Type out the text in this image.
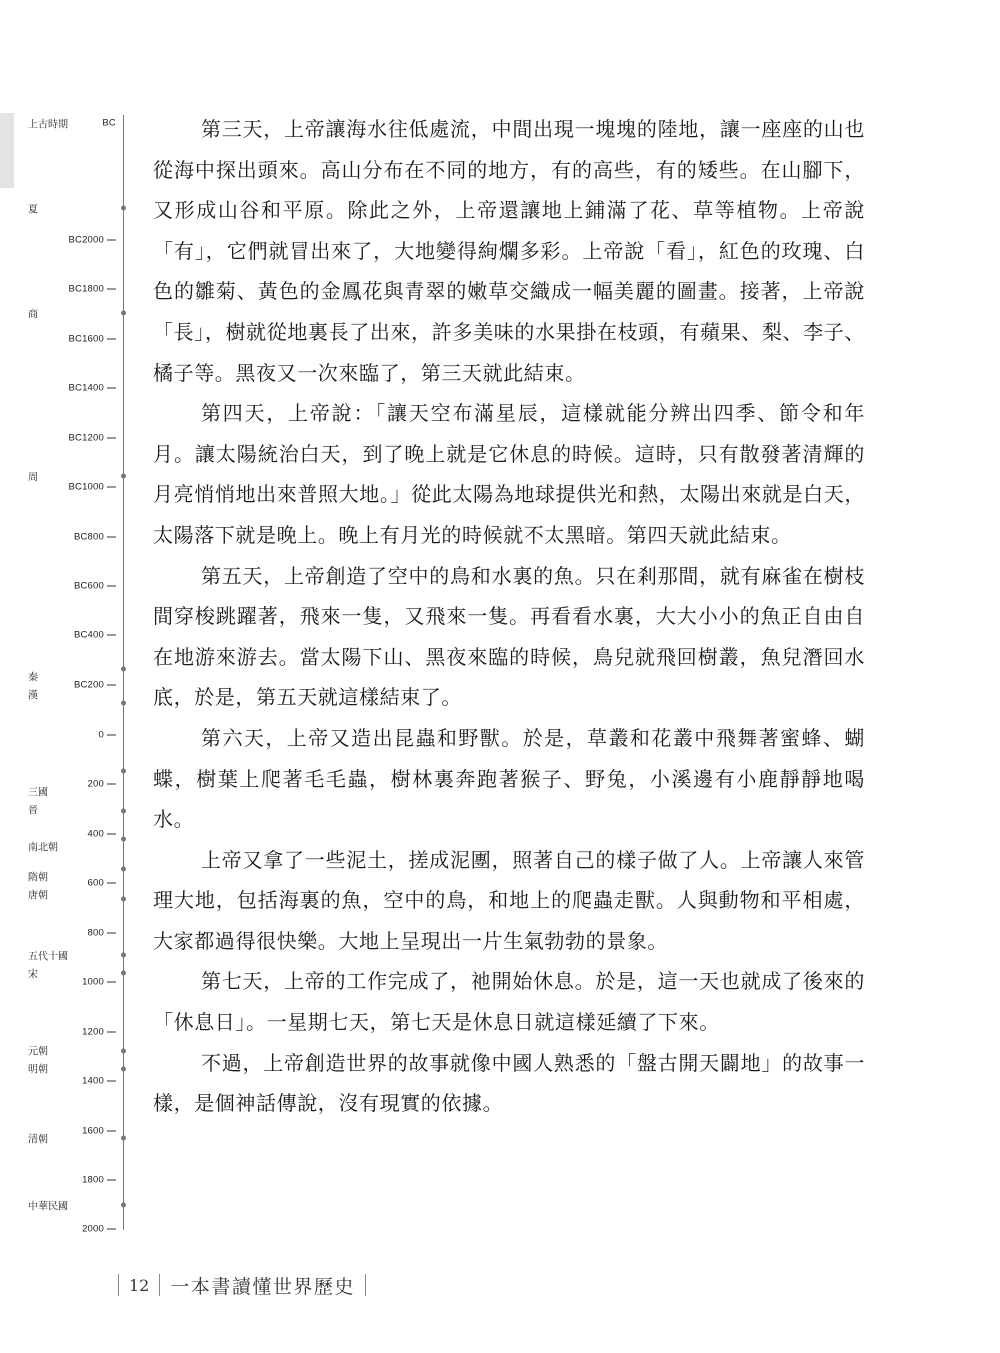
BC
BC2000
BC1800
BC1600
BC1400
BC1200
BC1000
BC800
BC600
BC400
BC200
0
200
400
600
800
1000
1200
1400
1600
1800
2000
上古時期
夏
商
周
秦
漢
三國
晉
南北朝
隋朝
唐朝
五代十國
宋
元朝
明朝
清朝
中華民國

第三天，上帝讓海水往低處流，中間出現一塊塊的陸地，讓一座座的山也從海中探出頭來。高山分布在不同的地方，有的高些，有的矮些。在山腳下，又形成山谷和平原。除此之外，上帝還讓地上鋪滿了花、草等植物。上帝說「有」，它們就冒出來了，大地變得絢爛多彩。上帝說「看」，紅色的玫瑰、白色的雛菊、黃色的金鳳花與青翠的嫩草交織成一幅美麗的圖畫。接著，上帝說「長」，樹就從地裏長了出來，許多美味的水果掛在枝頭，有蘋果、梨、李子、橘子等。黑夜又一次來臨了，第三天就此結束。

第四天，上帝說：「讓天空布滿星辰，這樣就能分辨出四季、節令和年月。讓太陽統治白天，到了晚上就是它休息的時候。這時，只有散發著清輝的月亮悄悄地出來普照大地。」從此太陽為地球提供光和熱，太陽出來就是白天，太陽落下就是晚上。晚上有月光的時候就不太黑暗。第四天就此結束。

第五天，上帝創造了空中的鳥和水裏的魚。只在剎那間，就有麻雀在樹枝間穿梭跳躍著，飛來一隻，又飛來一隻。再看看水裏，大大小小的魚正自由自在地游來游去。當太陽下山、黑夜來臨的時候，鳥兒就飛回樹叢，魚兒潛回水底，於是，第五天就這樣結束了。

第六天，上帝又造出昆蟲和野獸。於是，草叢和花叢中飛舞著蜜蜂、蝴蝶，樹葉上爬著毛毛蟲，樹林裏奔跑著猴子、野兔，小溪邊有小鹿靜靜地喝水。

上帝又拿了一些泥土，搓成泥團，照著自己的樣子做了人。上帝讓人來管理大地，包括海裏的魚，空中的鳥，和地上的爬蟲走獸。人與動物和平相處，大家都過得很快樂。大地上呈現出一片生氣勃勃的景象。

第七天，上帝的工作完成了，祂開始休息。於是，這一天也就成了後來的「休息日」。一星期七天，第七天是休息日就這樣延續了下來。

不過，上帝創造世界的故事就像中國人熟悉的「盤古開天闢地」的故事一樣，是個神話傳說，沒有現實的依據。

12 一本書讀懂世界歷史
